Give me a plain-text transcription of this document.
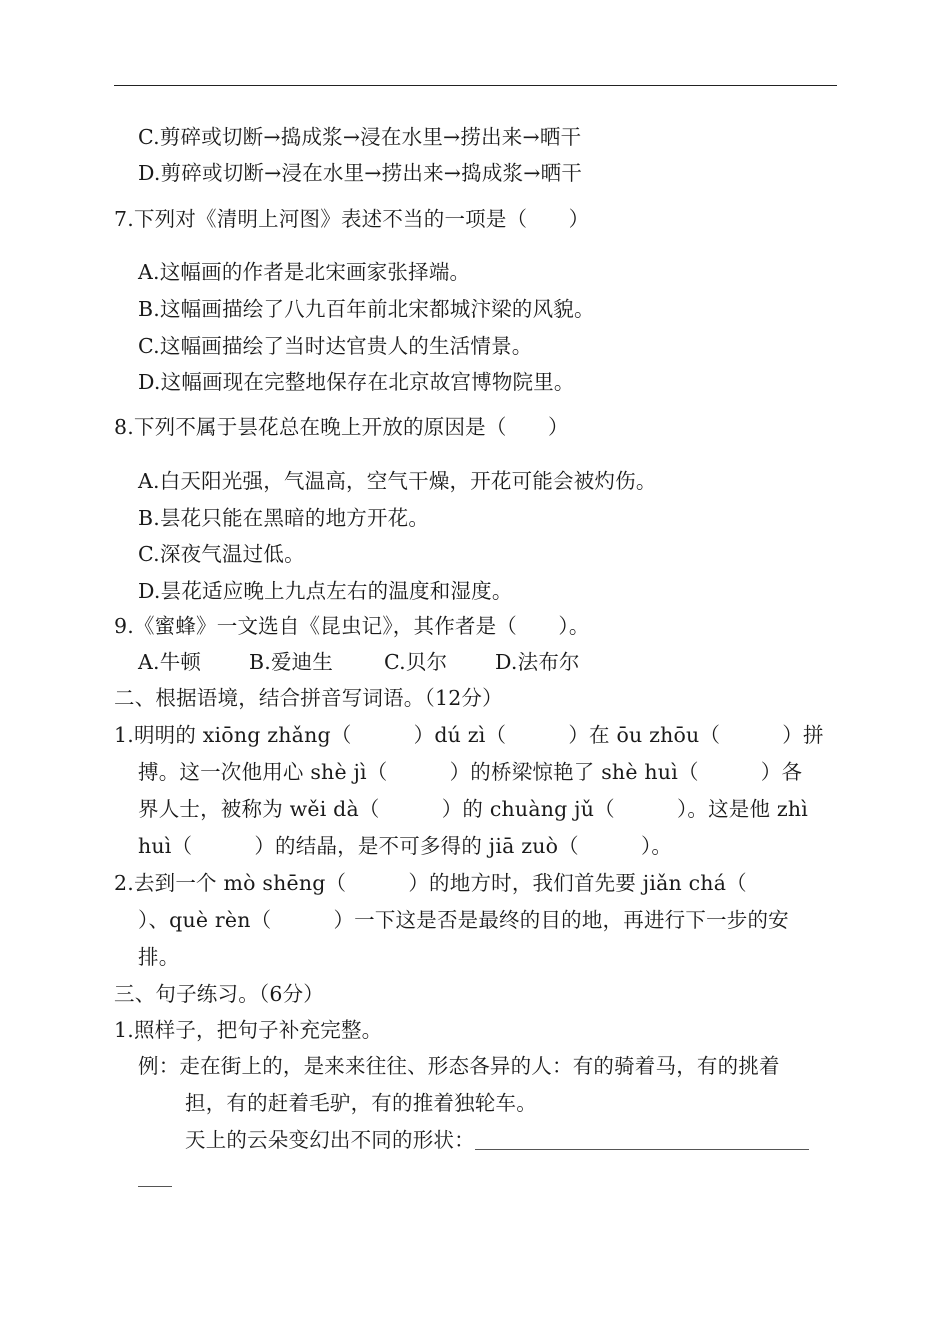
C.剪碎或切断→捣成浆→浸在水里→捞出来→晒干
D.剪碎或切断→浸在水里→捞出来→捣成浆→晒干
7.下列对《清明上河图》表述不当的一项是（　　）
A.这幅画的作者是北宋画家张择端。
B.这幅画描绘了八九百年前北宋都城汴梁的风貌。
C.这幅画描绘了当时达官贵人的生活情景。
D.这幅画现在完整地保存在北京故宫博物院里。
8.下列不属于昙花总在晚上开放的原因是（　　）
A.白天阳光强，气温高，空气干燥，开花可能会被灼伤。
B.昙花只能在黑暗的地方开花。
C.深夜气温过低。
D.昙花适应晚上九点左右的温度和湿度。
9.《蜜蜂》一文选自《昆虫记》，其作者是（　　）。
A.牛顿 B.爱迪生 C.贝尔 D.法布尔
二、根据语境，结合拼音写词语。（12分）
1.明明的 xiōng zhǎng（　　　）dú zì（　　　）在 ōu zhōu（　　　）拼
搏。这一次他用心 shè jì（　　　）的桥梁惊艳了 shè huì（　　　）各
界人士，被称为 wěi dà（　　　）的 chuàng jǔ（　　　）。这是他 zhì
huì（　　　）的结晶，是不可多得的 jiā zuò（　　　）。
2.去到一个 mò shēng（　　　）的地方时，我们首先要 jiǎn chá（
）、què rèn（　　　）一下这是否是最终的目的地，再进行下一步的安
排。
三、句子练习。（6分）
1.照样子，把句子补充完整。
例：走在街上的，是来来往往、形态各异的人：有的骑着马，有的挑着
担，有的赶着毛驴，有的推着独轮车。
天上的云朵变幻出不同的形状：
